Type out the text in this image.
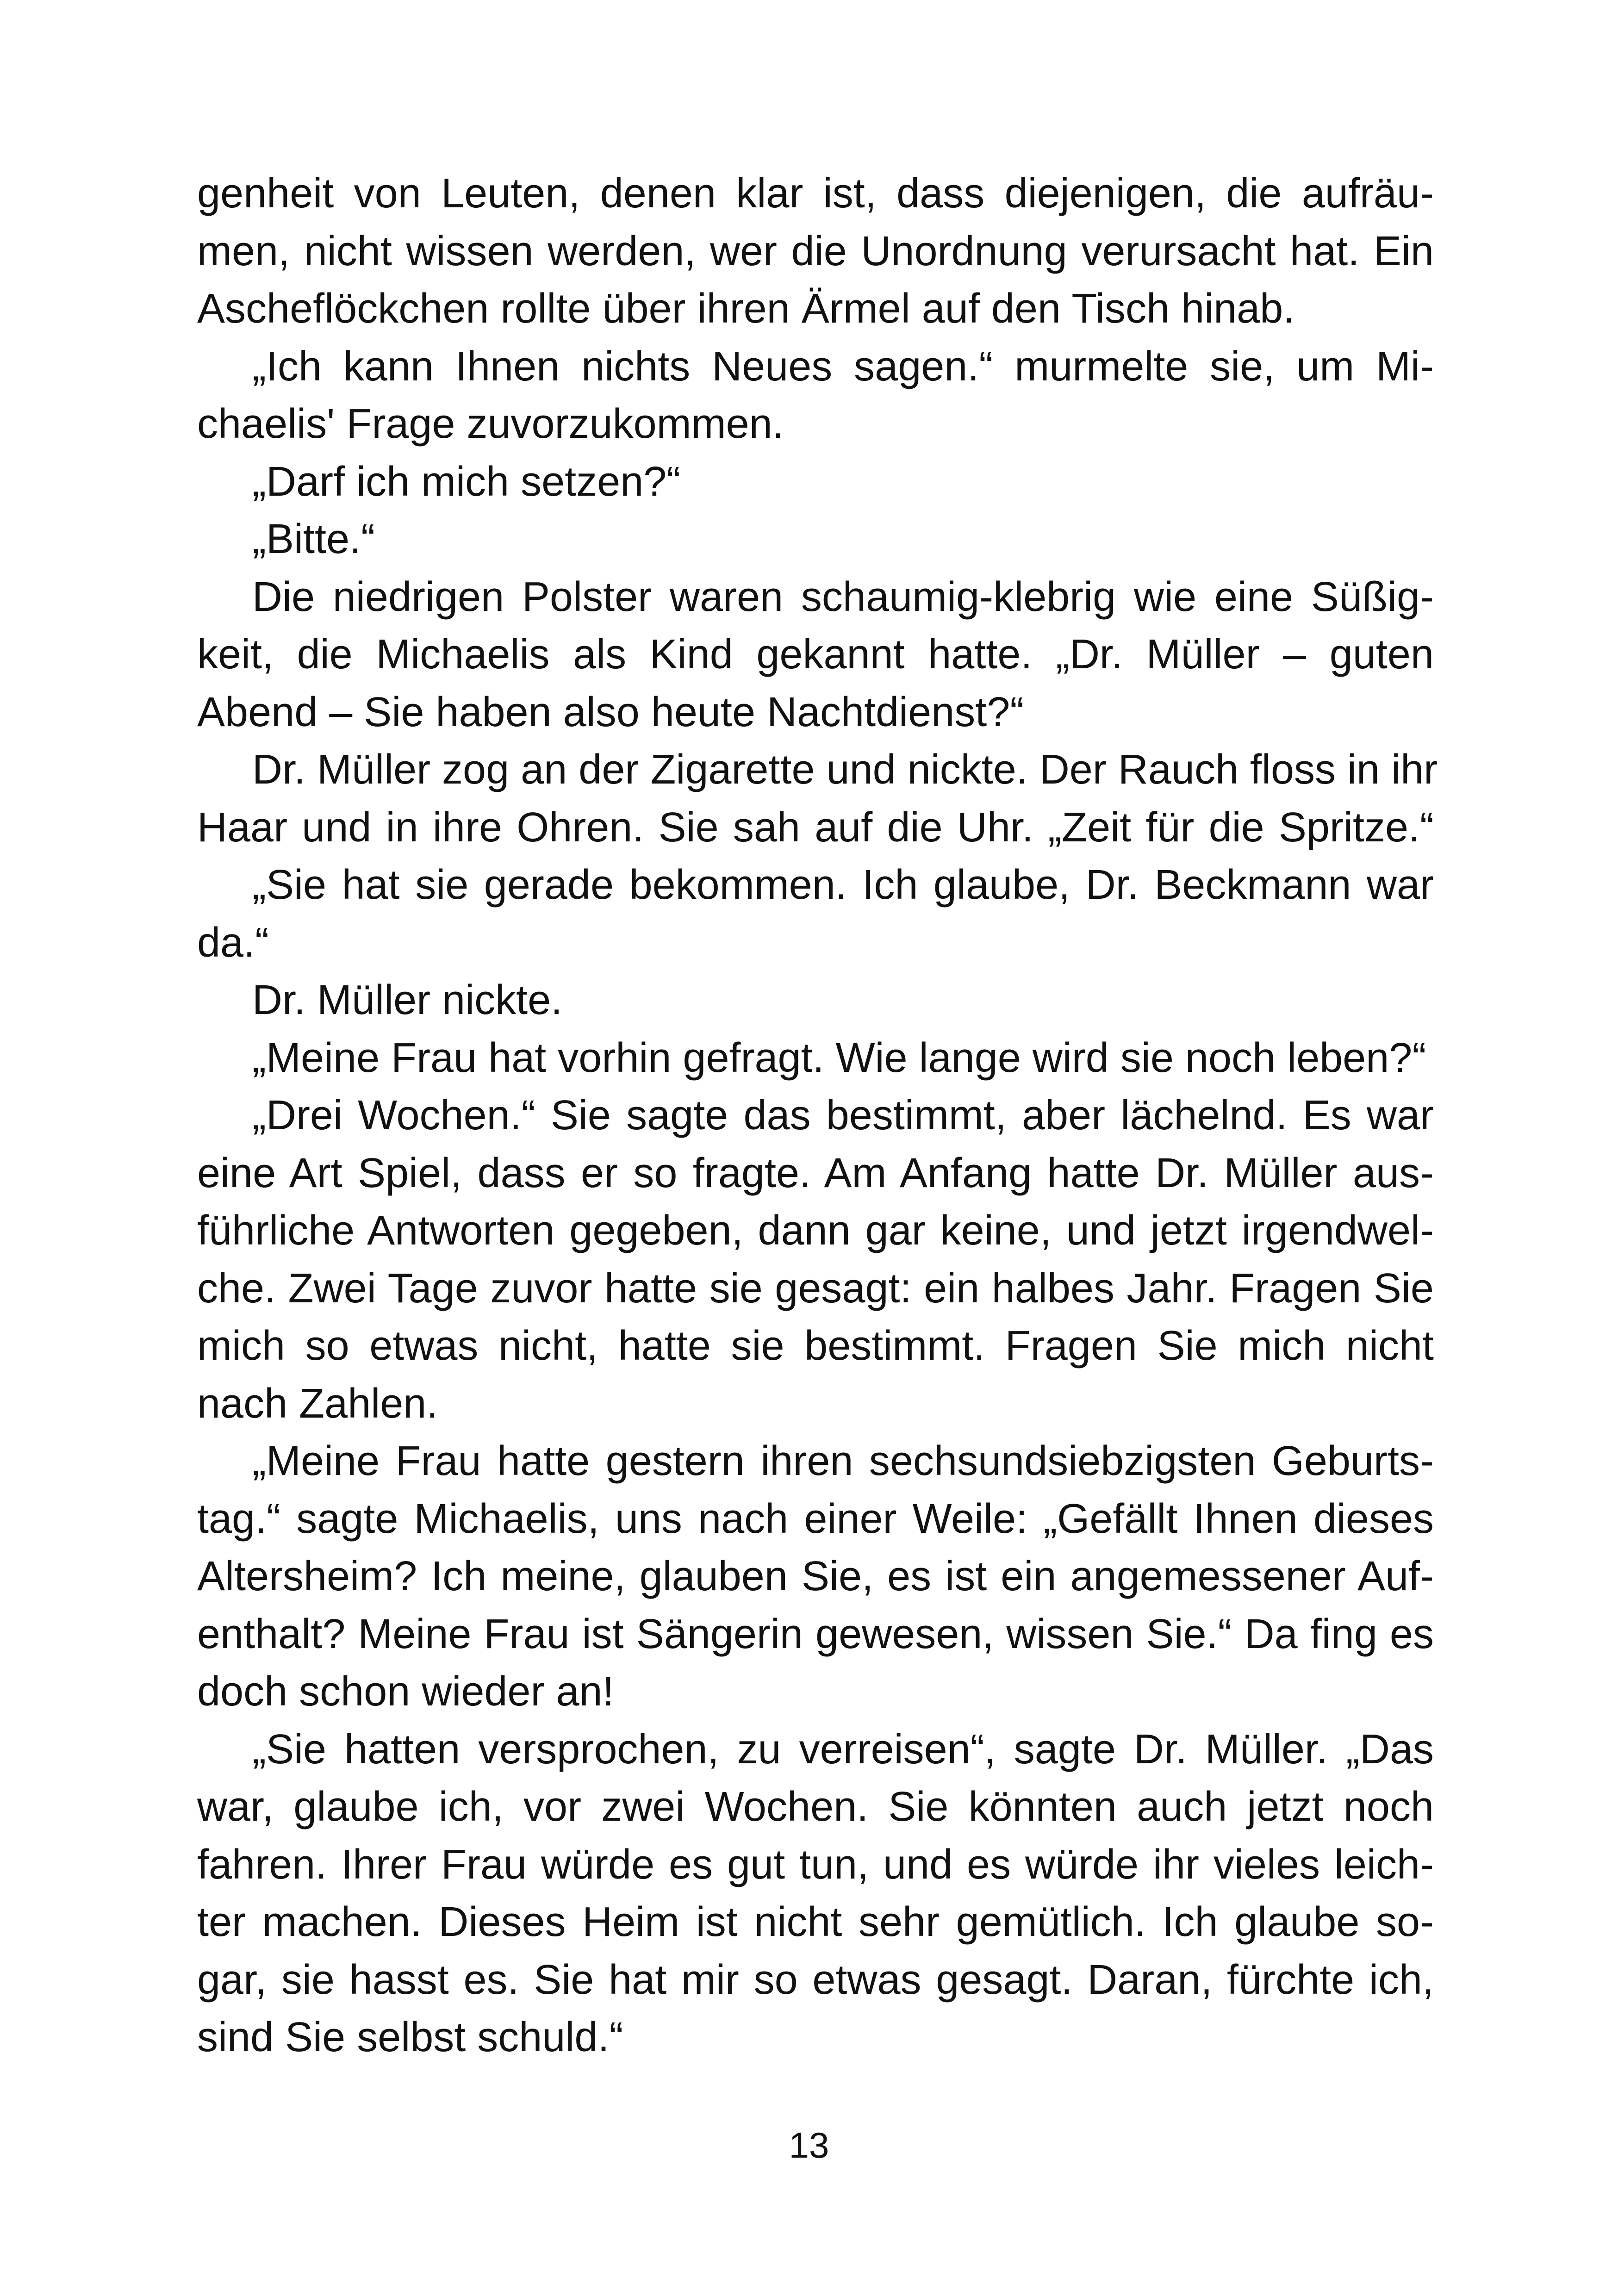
genheit von Leuten, denen klar ist, dass diejenigen, die aufräu-
men, nicht wissen werden, wer die Unordnung verursacht hat. Ein
Ascheflöckchen rollte über ihren Ärmel auf den Tisch hinab.
„Ich kann Ihnen nichts Neues sagen.“ murmelte sie, um Mi-
chaelis' Frage zuvorzukommen.
„Darf ich mich setzen?“
„Bitte.“
Die niedrigen Polster waren schaumig-klebrig wie eine Süßig-
keit, die Michaelis als Kind gekannt hatte. „Dr. Müller – guten
Abend – Sie haben also heute Nachtdienst?“
Dr. Müller zog an der Zigarette und nickte. Der Rauch floss in ihr
Haar und in ihre Ohren. Sie sah auf die Uhr. „Zeit für die Spritze.“
„Sie hat sie gerade bekommen. Ich glaube, Dr. Beckmann war
da.“
Dr. Müller nickte.
„Meine Frau hat vorhin gefragt. Wie lange wird sie noch leben?“
„Drei Wochen.“ Sie sagte das bestimmt, aber lächelnd. Es war
eine Art Spiel, dass er so fragte. Am Anfang hatte Dr. Müller aus-
führliche Antworten gegeben, dann gar keine, und jetzt irgendwel-
che. Zwei Tage zuvor hatte sie gesagt: ein halbes Jahr. Fragen Sie
mich so etwas nicht, hatte sie bestimmt. Fragen Sie mich nicht
nach Zahlen.
„Meine Frau hatte gestern ihren sechsundsiebzigsten Geburts-
tag.“ sagte Michaelis, uns nach einer Weile: „Gefällt Ihnen dieses
Altersheim? Ich meine, glauben Sie, es ist ein angemessener Auf-
enthalt? Meine Frau ist Sängerin gewesen, wissen Sie.“ Da fing es
doch schon wieder an!
„Sie hatten versprochen, zu verreisen“, sagte Dr. Müller. „Das
war, glaube ich, vor zwei Wochen. Sie könnten auch jetzt noch
fahren. Ihrer Frau würde es gut tun, und es würde ihr vieles leich-
ter machen. Dieses Heim ist nicht sehr gemütlich. Ich glaube so-
gar, sie hasst es. Sie hat mir so etwas gesagt. Daran, fürchte ich,
sind Sie selbst schuld.“
13
